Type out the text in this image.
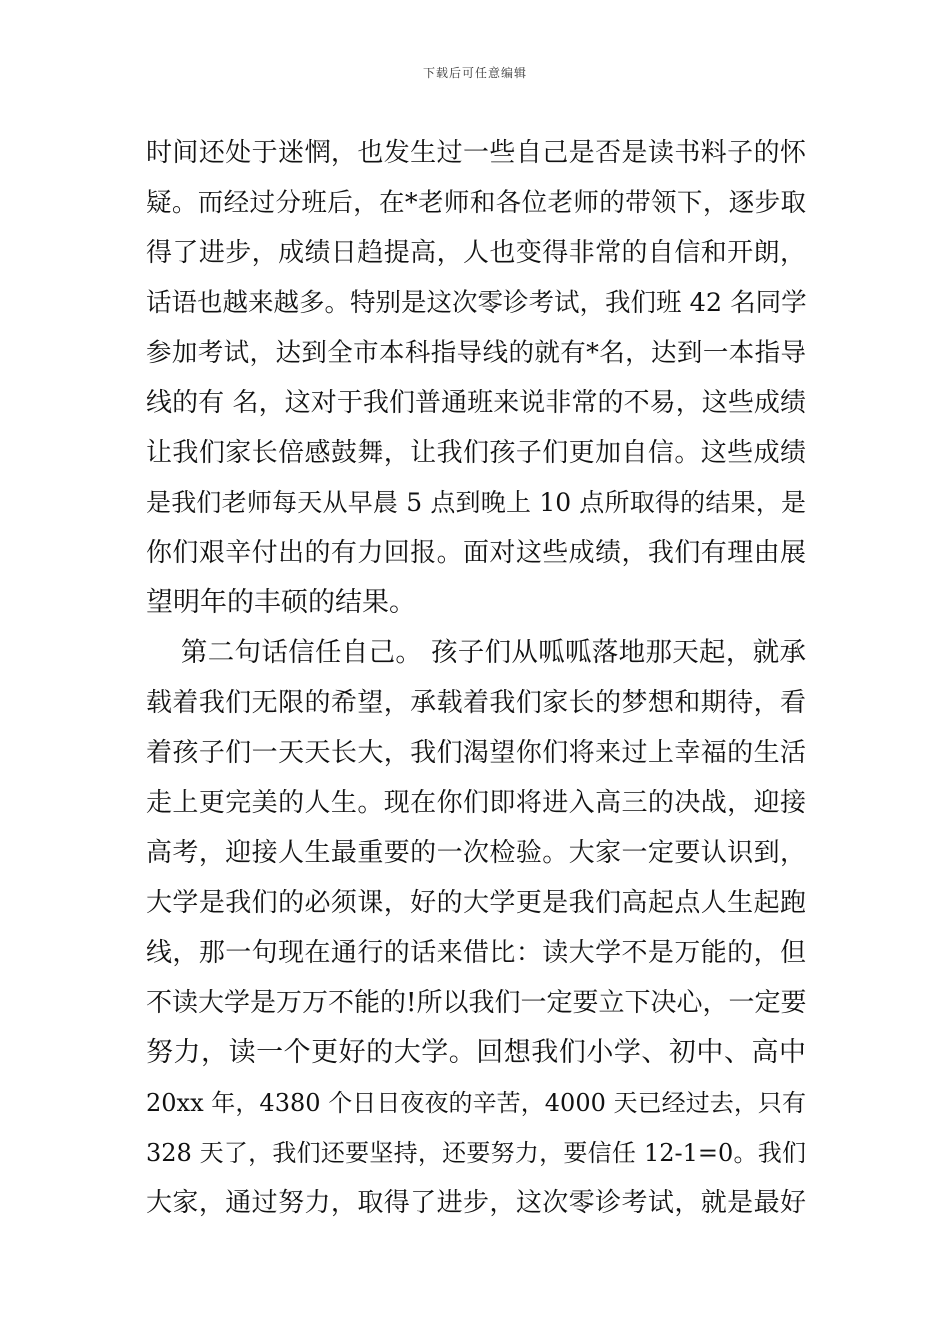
下载后可任意编辑
时间还处于迷惘，也发生过一些自己是否是读书料子的怀
疑。而经过分班后，在*老师和各位老师的带领下，逐步取
得了进步，成绩日趋提高，人也变得非常的自信和开朗，
话语也越来越多。特别是这次零诊考试，我们班 42 名同学
参加考试，达到全市本科指导线的就有*名，达到一本指导
线的有 名，这对于我们普通班来说非常的不易，这些成绩
让我们家长倍感鼓舞，让我们孩子们更加自信。这些成绩
是我们老师每天从早晨 5 点到晚上 10 点所取得的结果，是
你们艰辛付出的有力回报。面对这些成绩，我们有理由展
望明年的丰硕的结果。
第二句话信任自己。 孩子们从呱呱落地那天起，就承
载着我们无限的希望，承载着我们家长的梦想和期待，看
着孩子们一天天长大，我们渴望你们将来过上幸福的生活
走上更完美的人生。现在你们即将进入高三的决战，迎接
高考，迎接人生最重要的一次检验。大家一定要认识到，
大学是我们的必须课，好的大学更是我们高起点人生起跑
线，那一句现在通行的话来借比：读大学不是万能的，但
不读大学是万万不能的!所以我们一定要立下决心，一定要
努力，读一个更好的大学。回想我们小学、初中、高中
20xx 年，4380 个日日夜夜的辛苦，4000 天已经过去，只有
328 天了，我们还要坚持，还要努力，要信任 12-1=0。我们
大家，通过努力，取得了进步，这次零诊考试，就是最好
